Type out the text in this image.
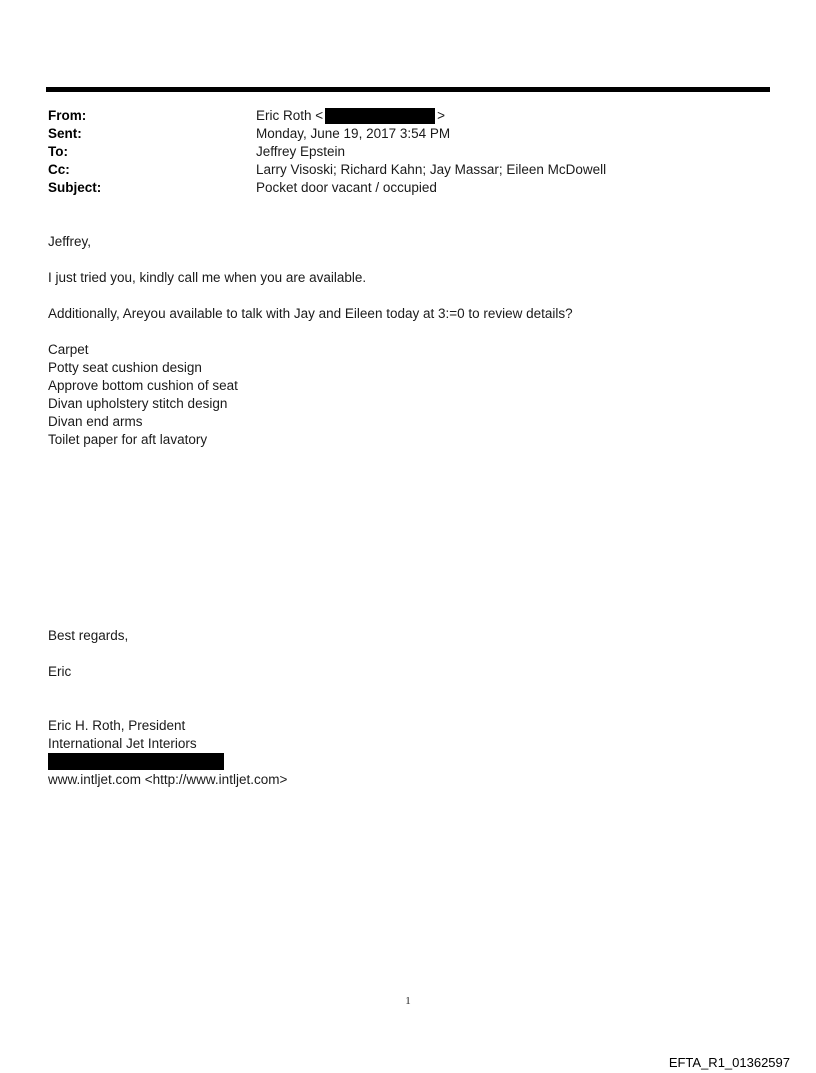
From:	Eric Roth <	>
Sent:	Monday, June 19, 2017 3:54 PM
To:	Jeffrey Epstein
Cc:	Larry Visoski; Richard Kahn; Jay Massar; Eileen McDowell
Subject:	Pocket door vacant / occupied
Jeffrey,
I just tried you, kindly call me when you are available.
Additionally, Areyou available to talk with Jay and Eileen today at 3:=0 to review details?
Carpet
Potty seat cushion design
Approve bottom cushion of seat
Divan upholstery stitch design
Divan end arms
Toilet paper for aft lavatory
Best regards,
Eric
Eric H. Roth, President
International Jet Interiors
www.intljet.com <http://www.intljet.com>
1
EFTA_R1_01362597
